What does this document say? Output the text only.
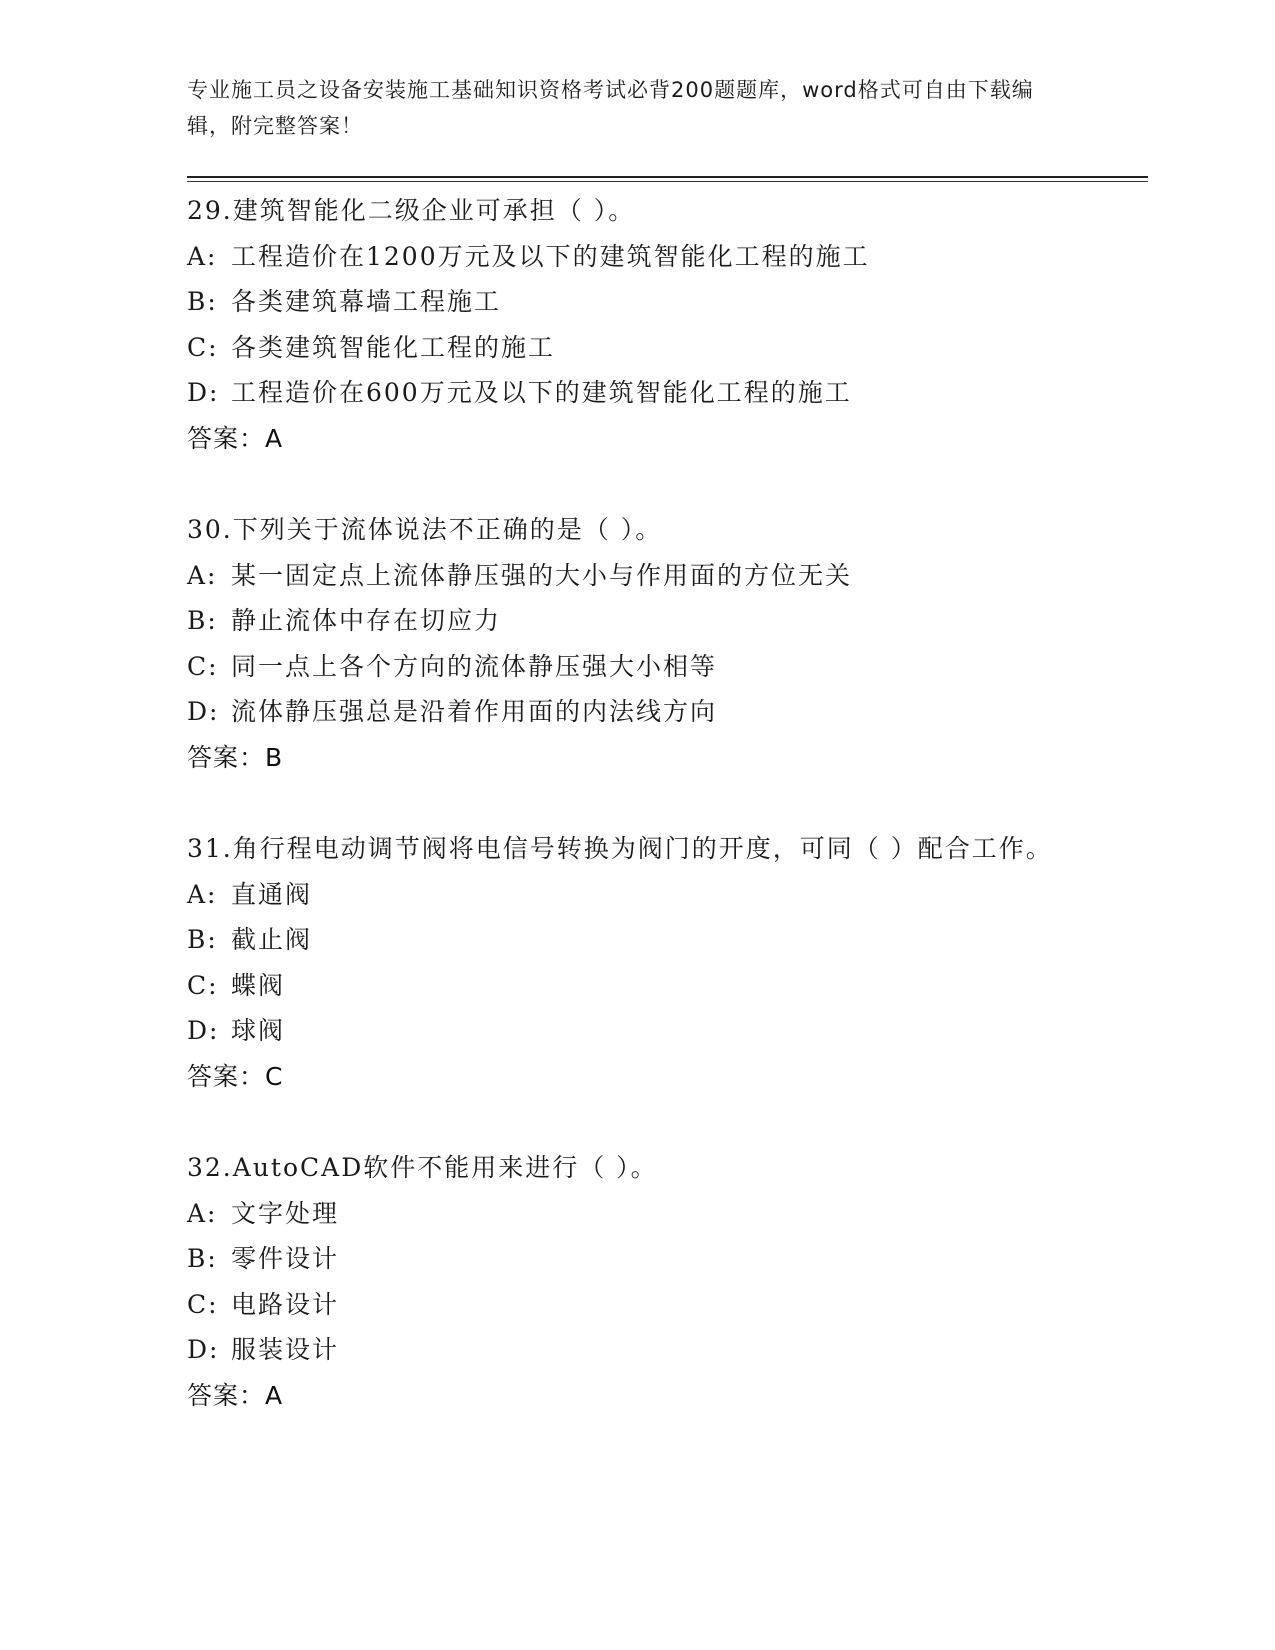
专业施工员之设备安装施工基础知识资格考试必背200题题库，word格式可自由下载编辑，附完整答案！

29.建筑智能化二级企业可承担（ ）。

A: 工程造价在1200万元及以下的建筑智能化工程的施工

B: 各类建筑幕墙工程施工

C: 各类建筑智能化工程的施工

D: 工程造价在600万元及以下的建筑智能化工程的施工

答案：A

30.下列关于流体说法不正确的是（ ）。

A: 某一固定点上流体静压强的大小与作用面的方位无关

B: 静止流体中存在切应力

C: 同一点上各个方向的流体静压强大小相等

D: 流体静压强总是沿着作用面的内法线方向

答案：B

31.角行程电动调节阀将电信号转换为阀门的开度，可同（ ）配合工作。

A: 直通阀

B: 截止阀

C: 蝶阀

D: 球阀

答案：C

32.AutoCAD软件不能用来进行（ ）。

A: 文字处理

B: 零件设计

C: 电路设计

D: 服装设计

答案：A
